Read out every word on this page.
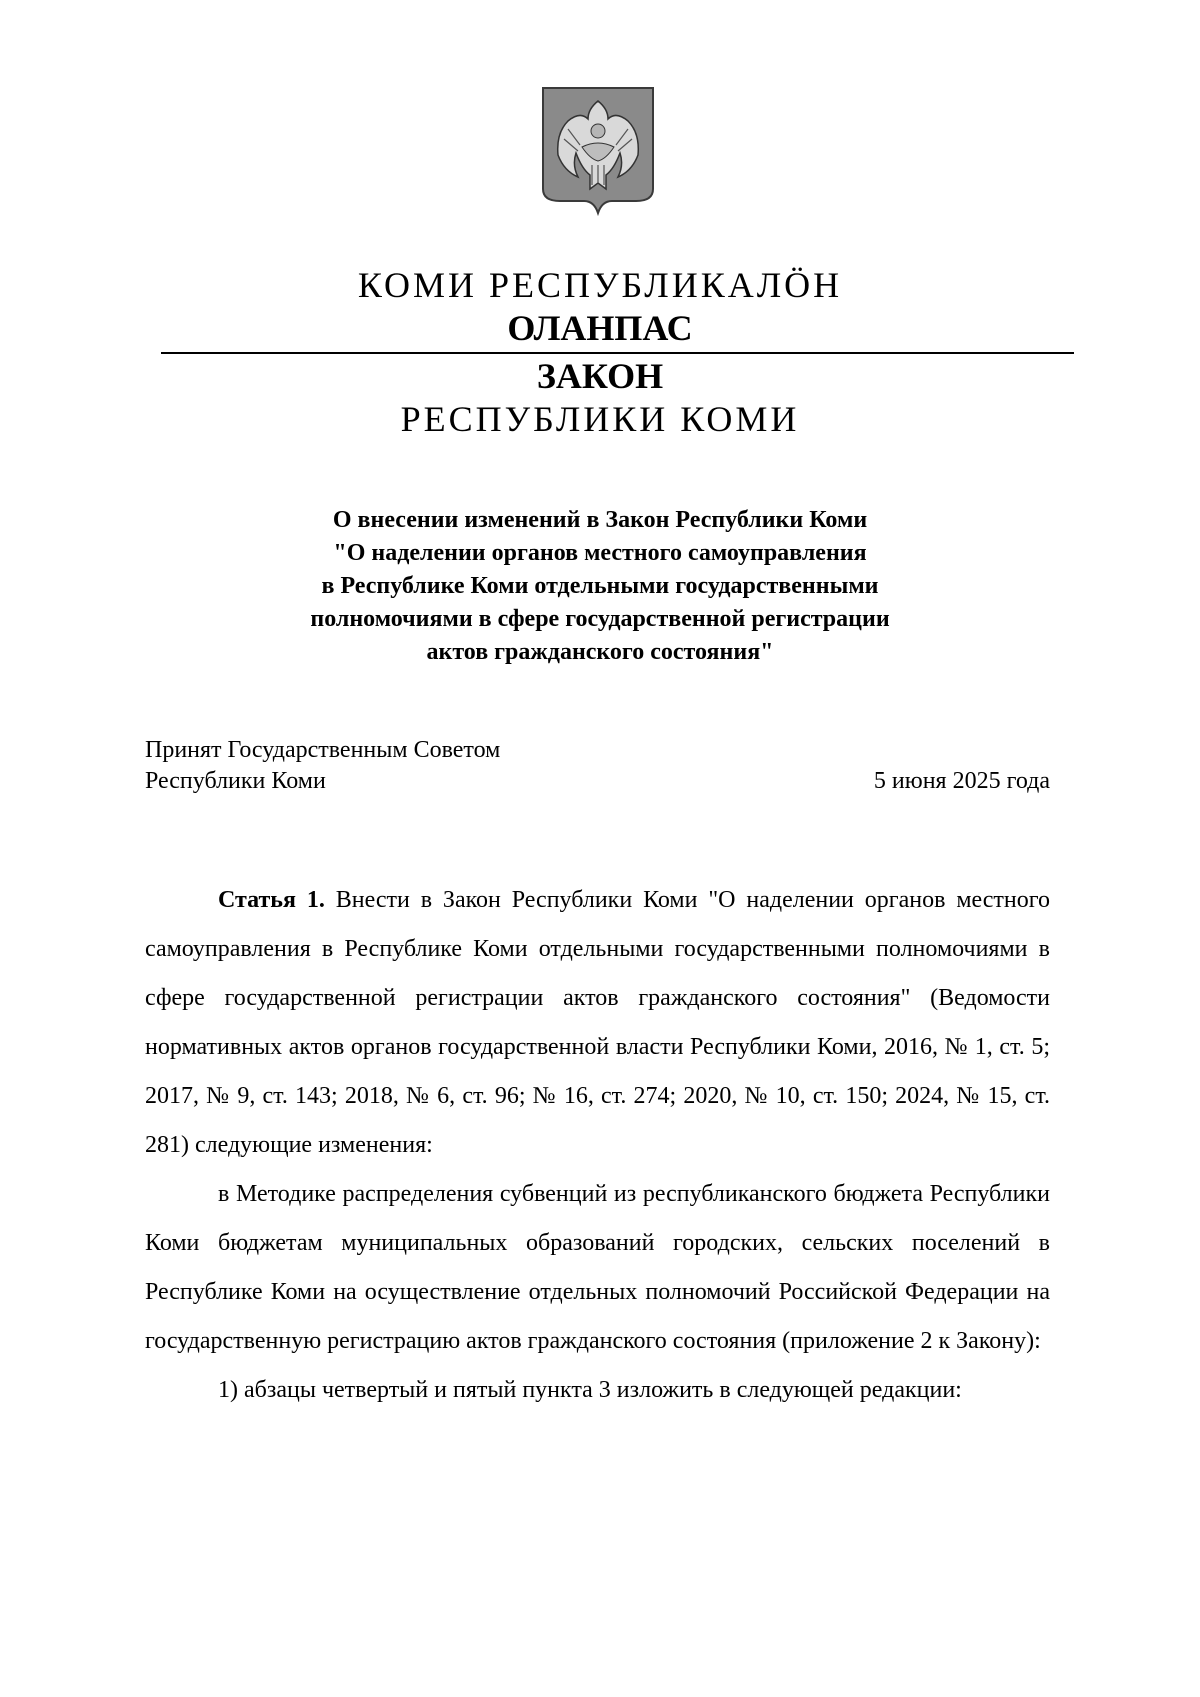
КОМИ РЕСПУБЛИКАЛӦН
ОЛАНПАС
ЗАКОН
РЕСПУБЛИКИ КОМИ
О внесении изменений в Закон Республики Коми
"О наделении органов местного самоуправления
в Республике Коми отдельными государственными
полномочиями в сфере государственной регистрации
актов гражданского состояния"
Принят Государственным Советом
Республики Коми	5 июня 2025 года

Статья 1. Внести в Закон Республики Коми "О наделении органов местного самоуправления в Республике Коми отдельными государственными полномочиями в сфере государственной регистрации актов гражданского состояния" (Ведомости нормативных актов органов государственной власти Республики Коми, 2016, № 1, ст. 5; 2017, № 9, ст. 143; 2018, № 6, ст. 96; № 16, ст. 274; 2020, № 10, ст. 150; 2024, № 15, ст. 281) следующие изменения:

в Методике распределения субвенций из республиканского бюджета Республики Коми бюджетам муниципальных образований городских, сельских поселений в Республике Коми на осуществление отдельных полномочий Российской Федерации на государственную регистрацию актов гражданского состояния (приложение 2 к Закону):

1) абзацы четвертый и пятый пункта 3 изложить в следующей редакции:
